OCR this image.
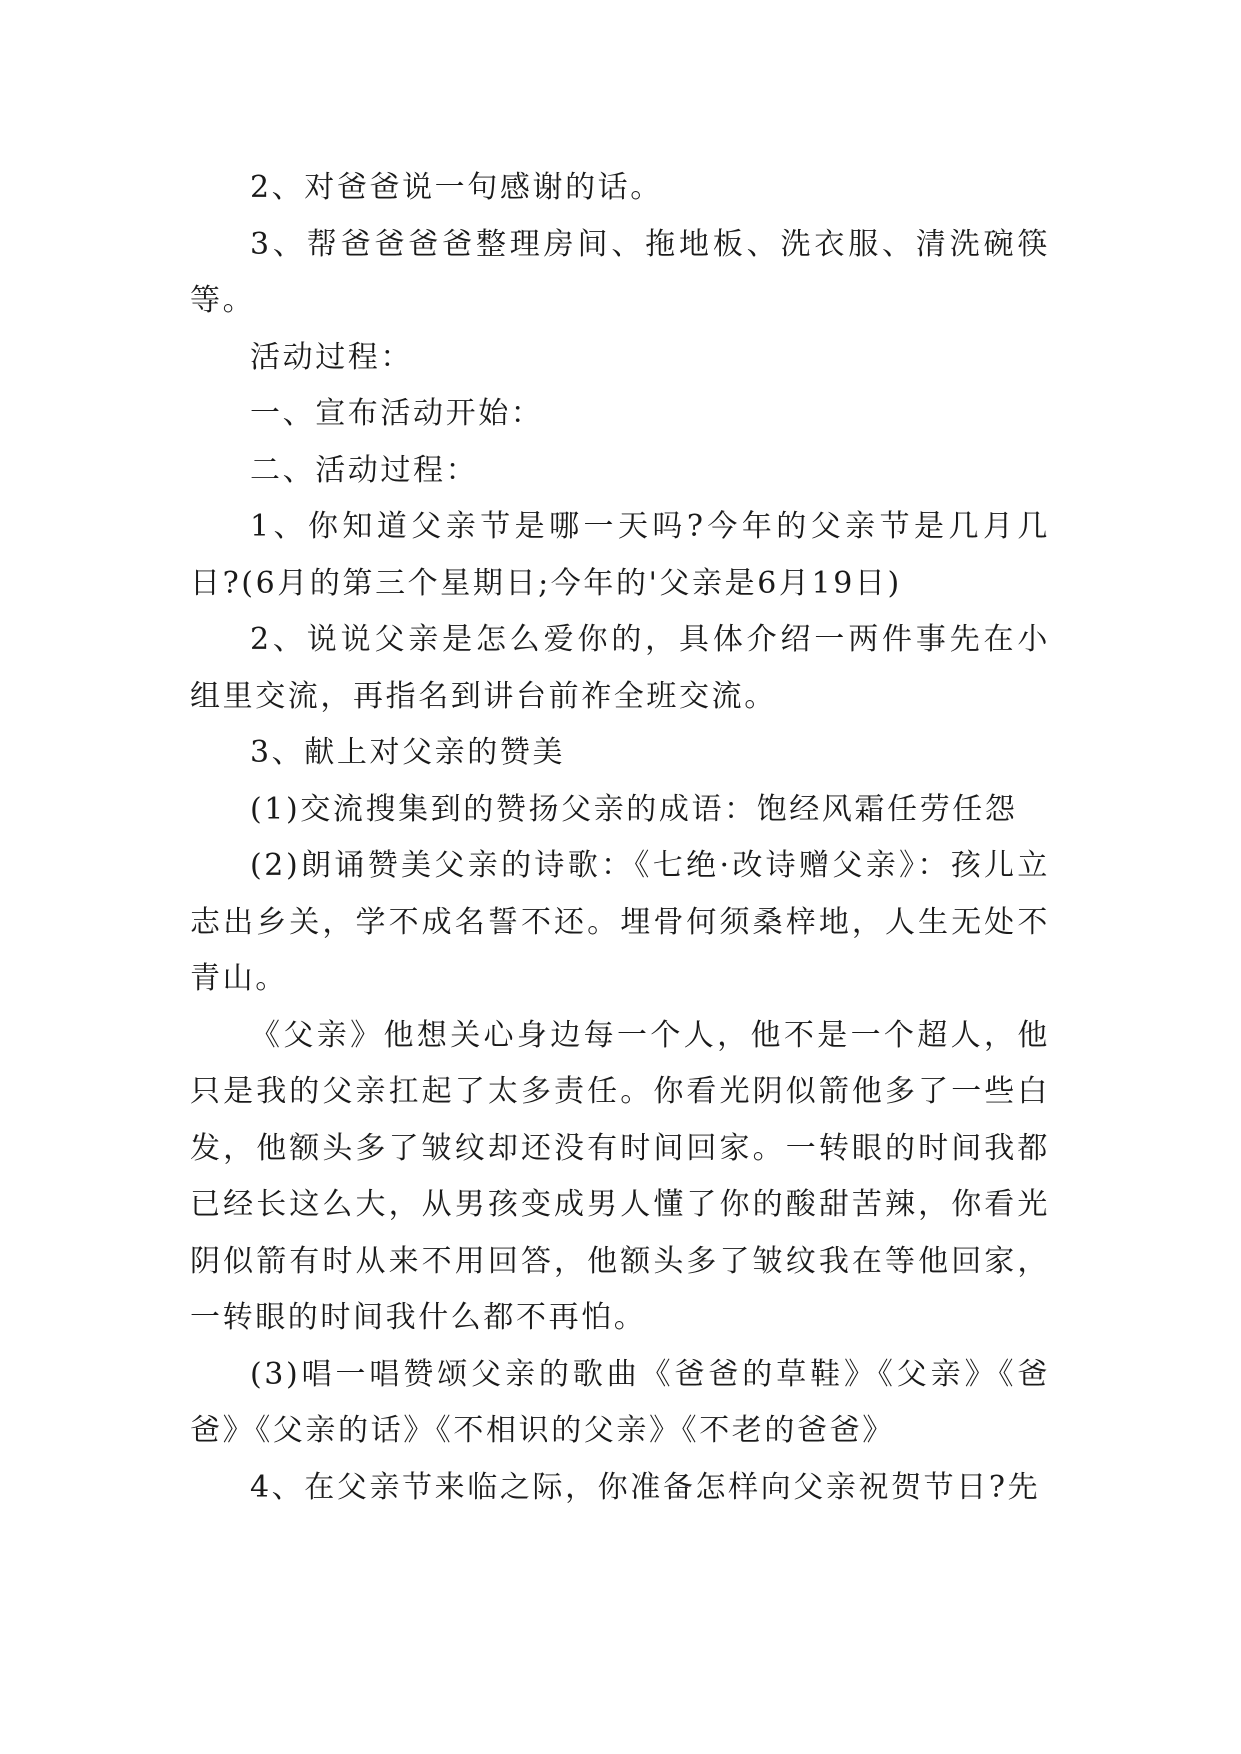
2、对爸爸说一句感谢的话。

3、帮爸爸爸爸整理房间、拖地板、洗衣服、清洗碗筷等。

活动过程：

一、宣布活动开始：

二、活动过程：

1、你知道父亲节是哪一天吗?今年的父亲节是几月几日?(6月的第三个星期日;今年的'父亲是6月19日)

2、说说父亲是怎么爱你的，具体介绍一两件事先在小组里交流，再指名到讲台前祚全班交流。

3、献上对父亲的赞美

(1)交流搜集到的赞扬父亲的成语：饱经风霜任劳任怨

(2)朗诵赞美父亲的诗歌：《七绝·改诗赠父亲》：孩儿立志出乡关，学不成名誓不还。埋骨何须桑梓地，人生无处不青山。

《父亲》他想关心身边每一个人，他不是一个超人，他只是我的父亲扛起了太多责任。你看光阴似箭他多了一些白发，他额头多了皱纹却还没有时间回家。一转眼的时间我都已经长这么大，从男孩变成男人懂了你的酸甜苦辣，你看光阴似箭有时从来不用回答，他额头多了皱纹我在等他回家，一转眼的时间我什么都不再怕。

(3)唱一唱赞颂父亲的歌曲《爸爸的草鞋》《父亲》《爸爸》《父亲的话》《不相识的父亲》《不老的爸爸》

4、在父亲节来临之际，你准备怎样向父亲祝贺节日?先
